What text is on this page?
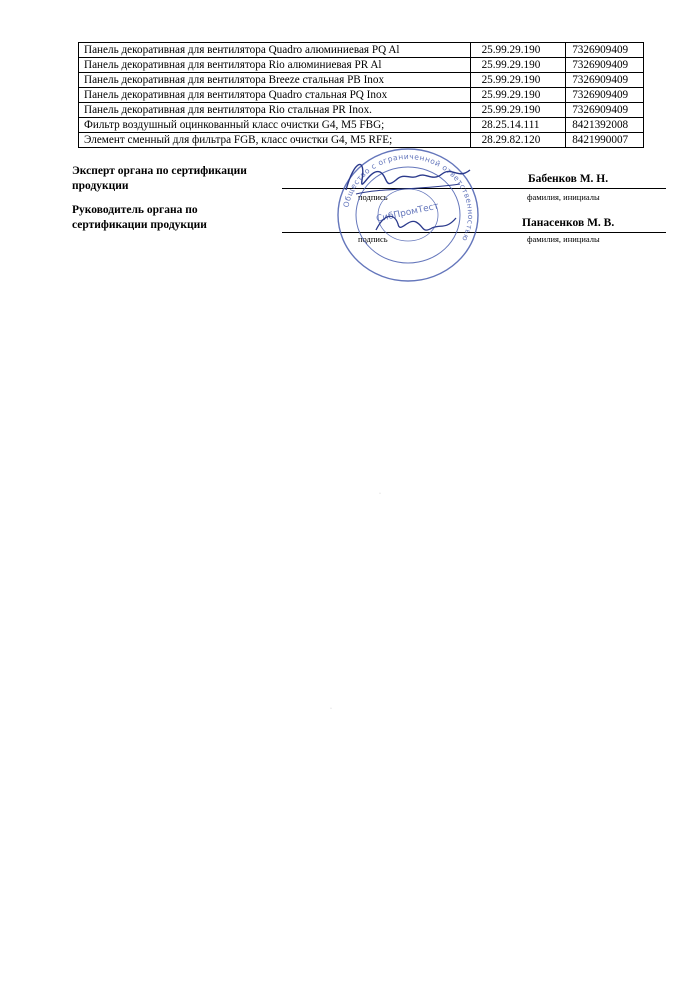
Панель декоративная для вентилятора Quadro алюминиевая PQ Al	25.99.29.190	7326909409
Панель декоративная для вентилятора Rio алюминиевая PR Al	25.99.29.190	7326909409
Панель декоративная для вентилятора Breeze стальная PB Inox	25.99.29.190	7326909409
Панель декоративная для вентилятора Quadro стальная PQ Inox	25.99.29.190	7326909409
Панель декоративная для вентилятора Rio стальная PR Inox.	25.99.29.190	7326909409
Фильтр воздушный оцинкованный класс очистки G4, M5 FBG;	28.25.14.111	8421392008
Элемент сменный для фильтра FGB, класс очистки G4, M5 RFE;	28.29.82.120	8421990007
Эксперт органа по сертификации
продукции
подпись
Бабенков М. Н.
фамилия, инициалы
Руководитель органа по
сертификации продукции
подпись
Панасенков М. В.
фамилия, инициалы
Общество с ограниченной ответственностью
СибПромТест
·
·
